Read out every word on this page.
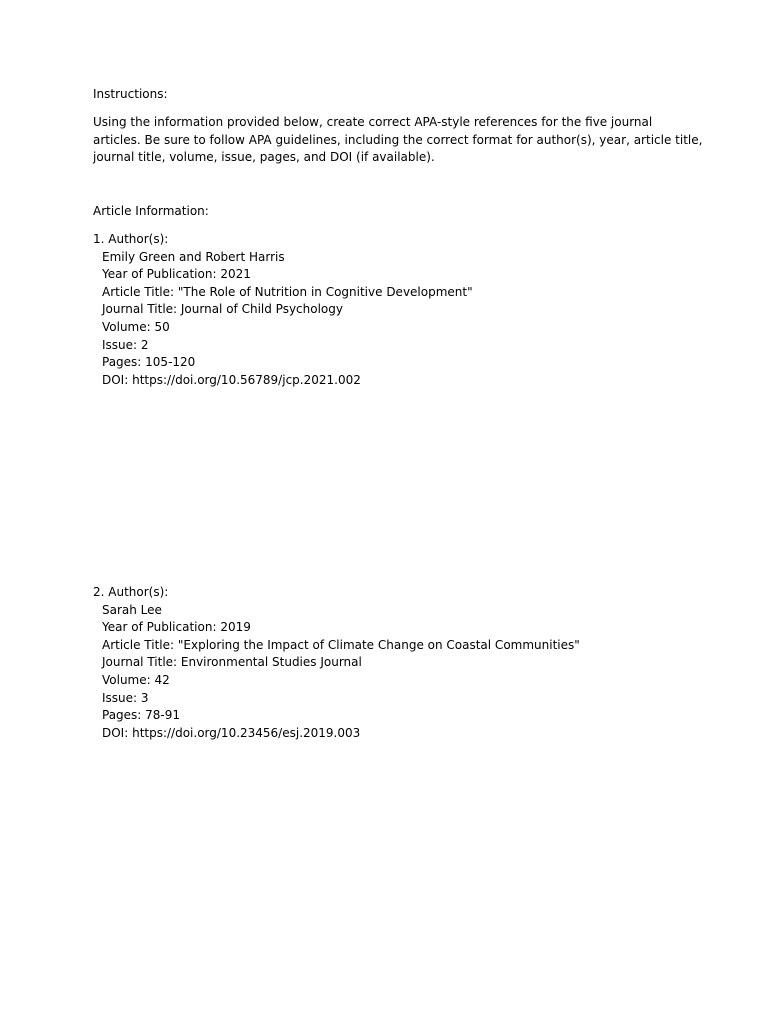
Instructions:
Using the information provided below, create correct APA-style references for the five journal
articles. Be sure to follow APA guidelines, including the correct format for author(s), year, article title,
journal title, volume, issue, pages, and DOI (if available).
Article Information:
1. Author(s):
Emily Green and Robert Harris
Year of Publication: 2021
Article Title: "The Role of Nutrition in Cognitive Development"
Journal Title: Journal of Child Psychology
Volume: 50
Issue: 2
Pages: 105-120
DOI: https://doi.org/10.56789/jcp.2021.002
2. Author(s):
Sarah Lee
Year of Publication: 2019
Article Title: "Exploring the Impact of Climate Change on Coastal Communities"
Journal Title: Environmental Studies Journal
Volume: 42
Issue: 3
Pages: 78-91
DOI: https://doi.org/10.23456/esj.2019.003
